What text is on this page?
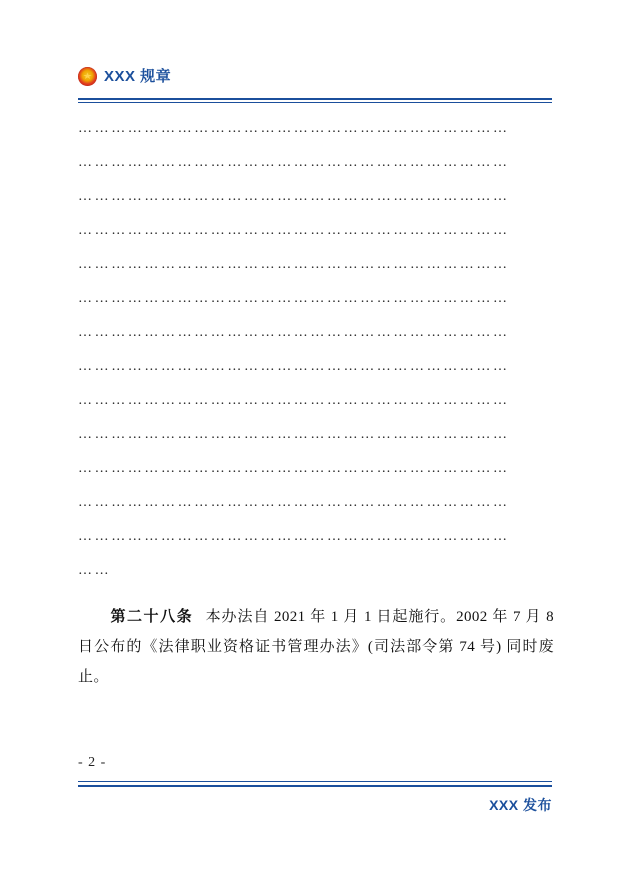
XXX 规章
……………………………………………………………………
……………………………………………………………………
……………………………………………………………………
……………………………………………………………………
……………………………………………………………………
……………………………………………………………………
……………………………………………………………………
……………………………………………………………………
……………………………………………………………………
……………………………………………………………………
……………………………………………………………………
……………………………………………………………………
……………………………………………………………………
……
第二十八条 本办法自 2021 年 1 月 1 日起施行。2002 年 7 月 8 日公布的《法律职业资格证书管理办法》(司法部令第 74 号) 同时废止。
- 2 -
XXX 发布
